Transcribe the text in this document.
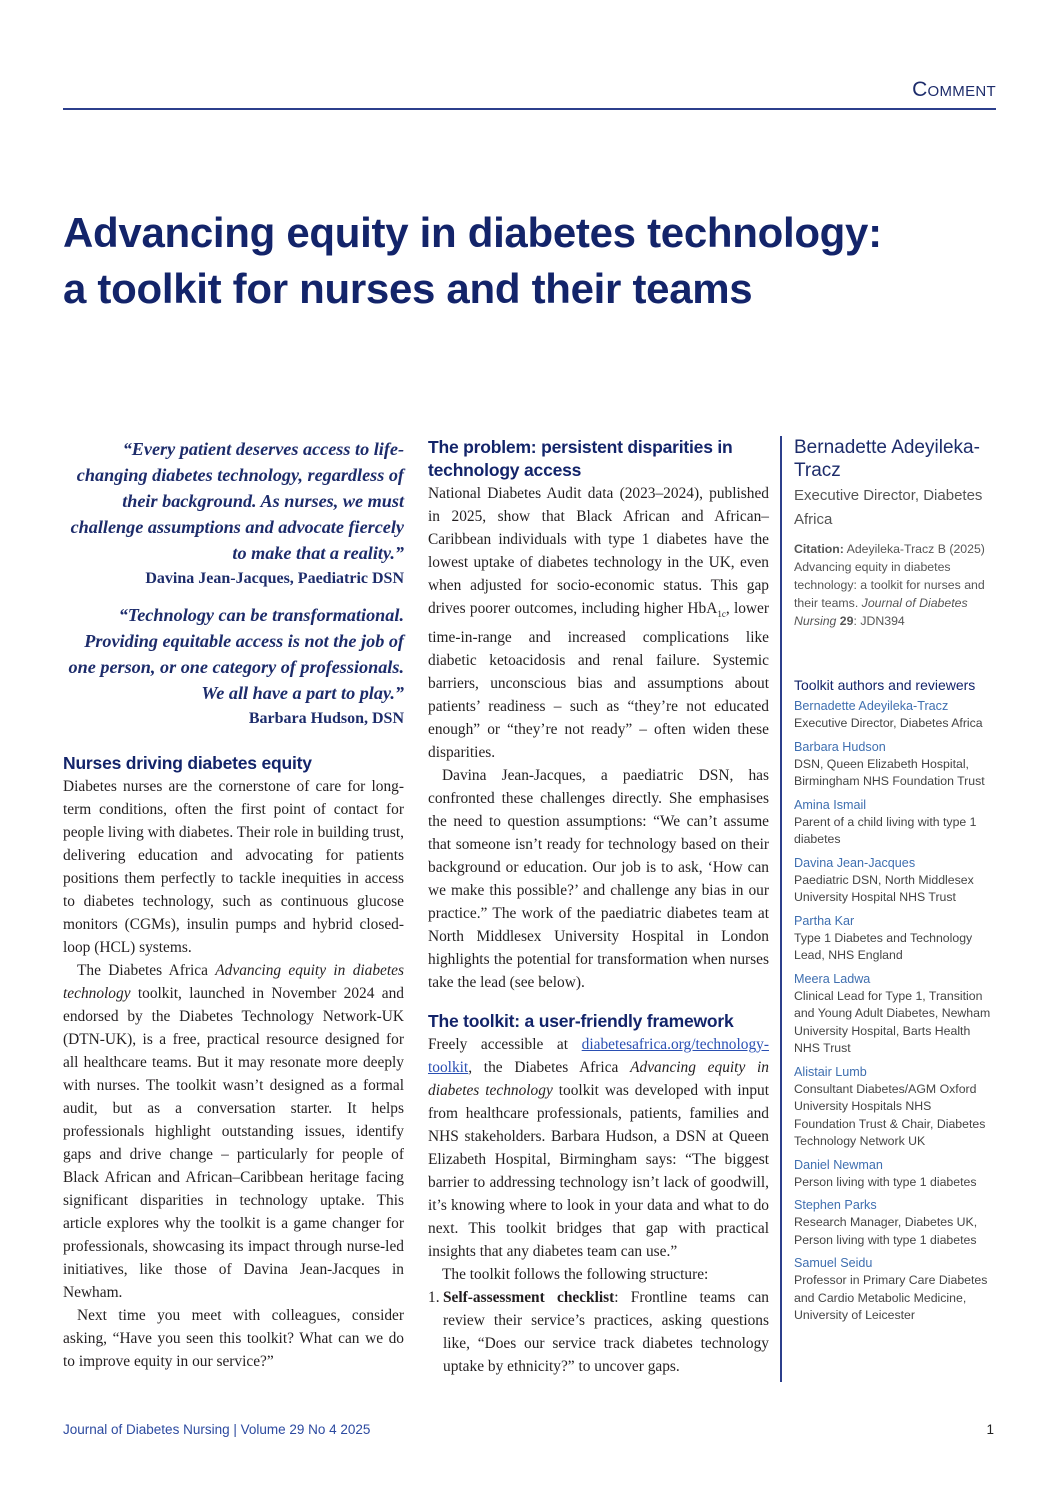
Comment
Advancing equity in diabetes technology:
a toolkit for nurses and their teams
“Every patient deserves access to life-changing diabetes technology, regardless of their background. As nurses, we must challenge assumptions and advocate fiercely to make that a reality.”
Davina Jean-Jacques, Paediatric DSN
“Technology can be transformational. Providing equitable access is not the job of one person, or one category of professionals. We all have a part to play.”
Barbara Hudson, DSN
Nurses driving diabetes equity

Diabetes nurses are the cornerstone of care for long-term conditions, often the first point of contact for people living with diabetes. Their role in building trust, delivering education and advocating for patients positions them perfectly to tackle inequities in access to diabetes technology, such as continuous glucose monitors (CGMs), insulin pumps and hybrid closed-loop (HCL) systems.

The Diabetes Africa Advancing equity in diabetes technology toolkit, launched in November 2024 and endorsed by the Diabetes Technology Network-UK (DTN-UK), is a free, practical resource designed for all healthcare teams. But it may resonate more deeply with nurses. The toolkit wasn’t designed as a formal audit, but as a conversation starter. It helps professionals highlight outstanding issues, identify gaps and drive change – particularly for people of Black African and African–Caribbean heritage facing significant disparities in technology uptake. This article explores why the toolkit is a game changer for professionals, showcasing its impact through nurse-led initiatives, like those of Davina Jean-Jacques in Newham.

Next time you meet with colleagues, consider asking, “Have you seen this toolkit? What can we do to improve equity in our service?”

The problem: persistent disparities in technology access

National Diabetes Audit data (2023–2024), published in 2025, show that Black African and African–Caribbean individuals with type 1 diabetes have the lowest uptake of diabetes technology in the UK, even when adjusted for socio-economic status. This gap drives poorer outcomes, including higher HbA$_{1c}$, lower time-in-range and increased complications like diabetic ketoacidosis and renal failure. Systemic barriers, unconscious bias and assumptions about patients’ readiness – such as “they’re not educated enough” or “they’re not ready” – often widen these disparities.

Davina Jean-Jacques, a paediatric DSN, has confronted these challenges directly. She emphasises the need to question assumptions: “We can’t assume that someone isn’t ready for technology based on their background or education. Our job is to ask, ‘How can we make this possible?’ and challenge any bias in our practice.” The work of the paediatric diabetes team at North Middlesex University Hospital in London highlights the potential for transformation when nurses take the lead (see below).

The toolkit: a user-friendly framework

Freely accessible at diabetesafrica.org/technology-toolkit, the Diabetes Africa Advancing equity in diabetes technology toolkit was developed with input from healthcare professionals, patients, families and NHS stakeholders. Barbara Hudson, a DSN at Queen Elizabeth Hospital, Birmingham says: “The biggest barrier to addressing technology isn’t lack of goodwill, it’s knowing where to look in your data and what to do next. This toolkit bridges that gap with practical insights that any diabetes team can use.”

The toolkit follows the following structure:

1. Self-assessment checklist: Frontline teams can review their service’s practices, asking questions like, “Does our service track diabetes technology uptake by ethnicity?” to uncover gaps.
Bernadette Adeyileka-Tracz
Executive Director, Diabetes Africa
Citation: Adeyileka-Tracz B (2025) Advancing equity in diabetes technology: a toolkit for nurses and their teams. Journal of Diabetes Nursing 29: JDN394
Toolkit authors and reviewers
Bernadette Adeyileka-Tracz
Executive Director, Diabetes Africa
Barbara Hudson
DSN, Queen Elizabeth Hospital, Birmingham NHS Foundation Trust
Amina Ismail
Parent of a child living with type 1 diabetes
Davina Jean-Jacques
Paediatric DSN, North Middlesex University Hospital NHS Trust
Partha Kar
Type 1 Diabetes and Technology Lead, NHS England
Meera Ladwa
Clinical Lead for Type 1, Transition and Young Adult Diabetes, Newham University Hospital, Barts Health NHS Trust
Alistair Lumb
Consultant Diabetes/AGM Oxford University Hospitals NHS Foundation Trust & Chair, Diabetes Technology Network UK
Daniel Newman
Person living with type 1 diabetes
Stephen Parks
Research Manager, Diabetes UK, Person living with type 1 diabetes
Samuel Seidu
Professor in Primary Care Diabetes and Cardio Metabolic Medicine, University of Leicester
Journal of Diabetes Nursing | Volume 29 No 4 2025	1
